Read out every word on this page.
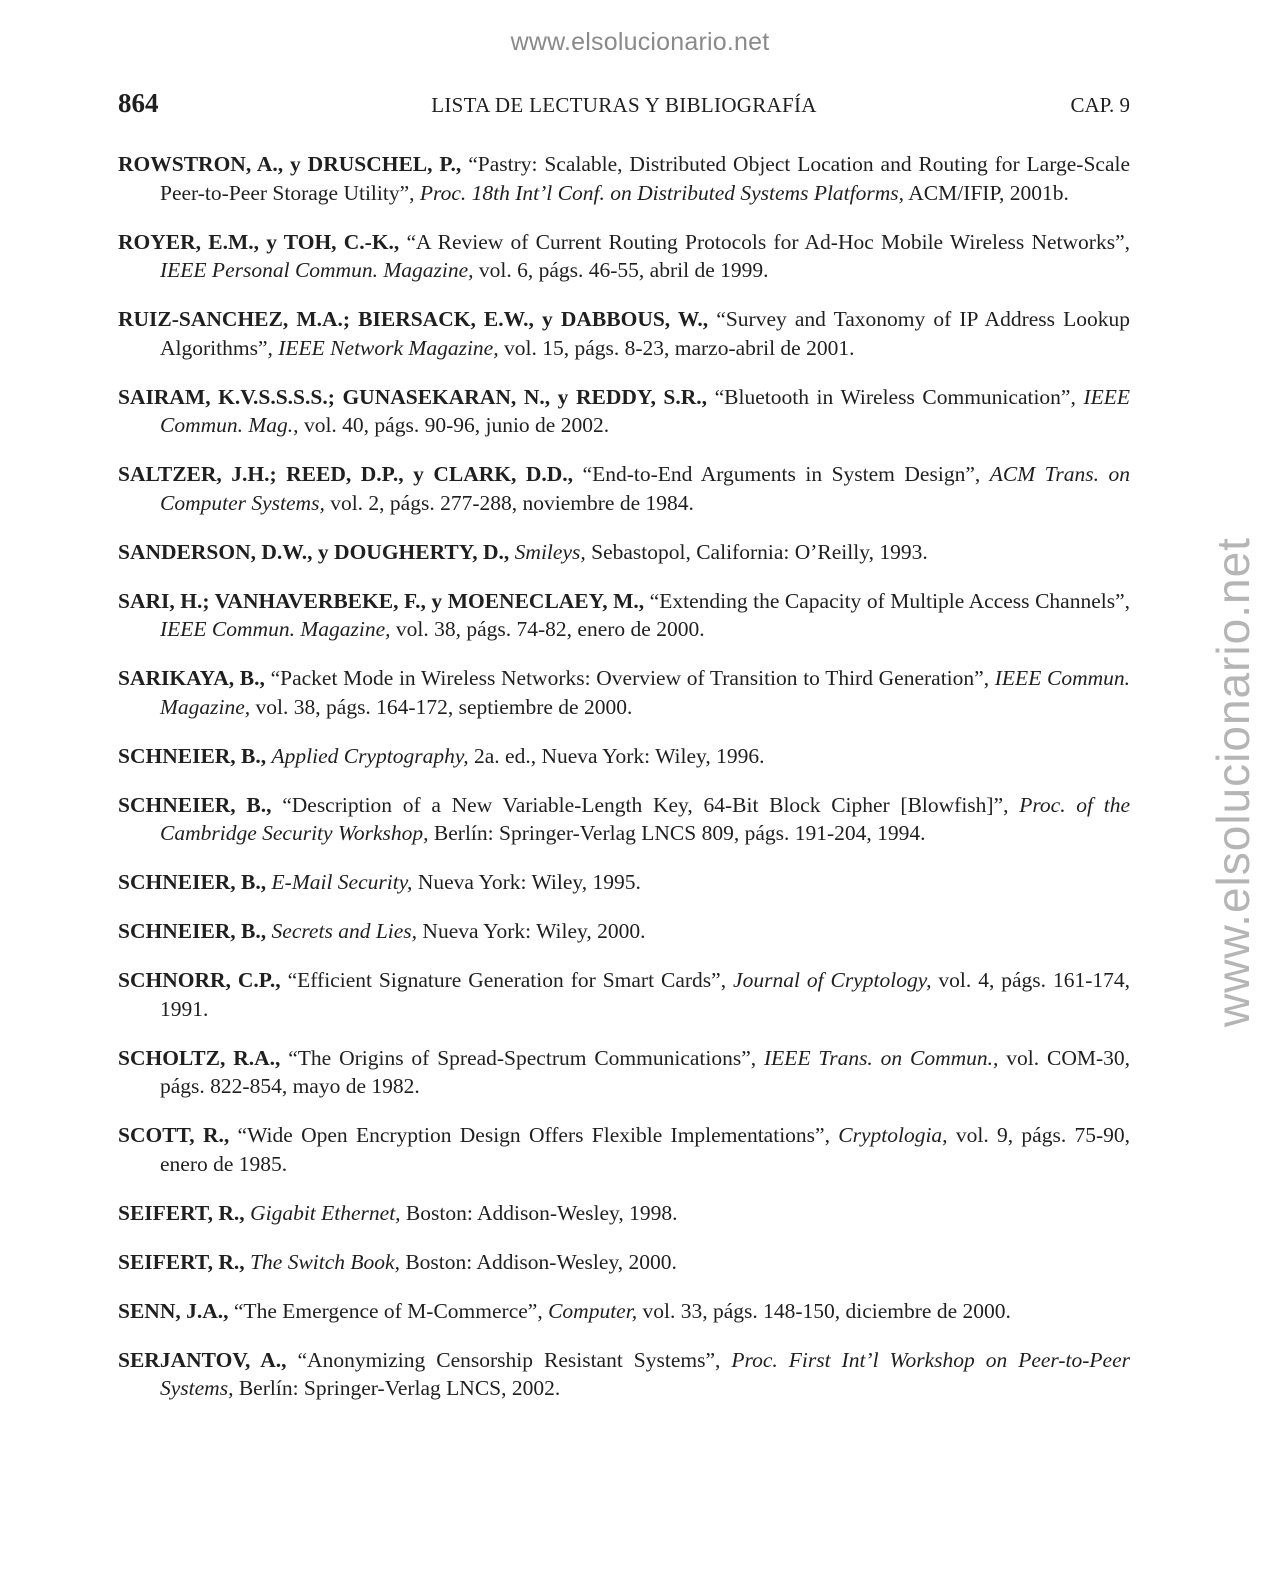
www.elsolucionario.net
www.elsolucionario.net
864	LISTA DE LECTURAS Y BIBLIOGRAFÍA	CAP. 9
ROWSTRON, A., y DRUSCHEL, P., “Pastry: Scalable, Distributed Object Location and Routing for Large-Scale Peer-to-Peer Storage Utility”, Proc. 18th Int’l Conf. on Distributed Systems Platforms, ACM/IFIP, 2001b.
ROYER, E.M., y TOH, C.-K., “A Review of Current Routing Protocols for Ad-Hoc Mobile Wireless Networks”, IEEE Personal Commun. Magazine, vol. 6, págs. 46-55, abril de 1999.
RUIZ-SANCHEZ, M.A.; BIERSACK, E.W., y DABBOUS, W., “Survey and Taxonomy of IP Address Lookup Algorithms”, IEEE Network Magazine, vol. 15, págs. 8-23, marzo-abril de 2001.
SAIRAM, K.V.S.S.S.S.; GUNASEKARAN, N., y REDDY, S.R., “Bluetooth in Wireless Communication”, IEEE Commun. Mag., vol. 40, págs. 90-96, junio de 2002.
SALTZER, J.H.; REED, D.P., y CLARK, D.D., “End-to-End Arguments in System Design”, ACM Trans. on Computer Systems, vol. 2, págs. 277-288, noviembre de 1984.
SANDERSON, D.W., y DOUGHERTY, D., Smileys, Sebastopol, California: O’Reilly, 1993.
SARI, H.; VANHAVERBEKE, F., y MOENECLAEY, M., “Extending the Capacity of Multiple Access Channels”, IEEE Commun. Magazine, vol. 38, págs. 74-82, enero de 2000.
SARIKAYA, B., “Packet Mode in Wireless Networks: Overview of Transition to Third Generation”, IEEE Commun. Magazine, vol. 38, págs. 164-172, septiembre de 2000.
SCHNEIER, B., Applied Cryptography, 2a. ed., Nueva York: Wiley, 1996.
SCHNEIER, B., “Description of a New Variable-Length Key, 64-Bit Block Cipher [Blowfish]”, Proc. of the Cambridge Security Workshop, Berlín: Springer-Verlag LNCS 809, págs. 191-204, 1994.
SCHNEIER, B., E-Mail Security, Nueva York: Wiley, 1995.
SCHNEIER, B., Secrets and Lies, Nueva York: Wiley, 2000.
SCHNORR, C.P., “Efficient Signature Generation for Smart Cards”, Journal of Cryptology, vol. 4, págs. 161-174, 1991.
SCHOLTZ, R.A., “The Origins of Spread-Spectrum Communications”, IEEE Trans. on Commun., vol. COM-30, págs. 822-854, mayo de 1982.
SCOTT, R., “Wide Open Encryption Design Offers Flexible Implementations”, Cryptologia, vol. 9, págs. 75-90, enero de 1985.
SEIFERT, R., Gigabit Ethernet, Boston: Addison-Wesley, 1998.
SEIFERT, R., The Switch Book, Boston: Addison-Wesley, 2000.
SENN, J.A., “The Emergence of M-Commerce”, Computer, vol. 33, págs. 148-150, diciembre de 2000.
SERJANTOV, A., “Anonymizing Censorship Resistant Systems”, Proc. First Int’l Workshop on Peer-to-Peer Systems, Berlín: Springer-Verlag LNCS, 2002.
